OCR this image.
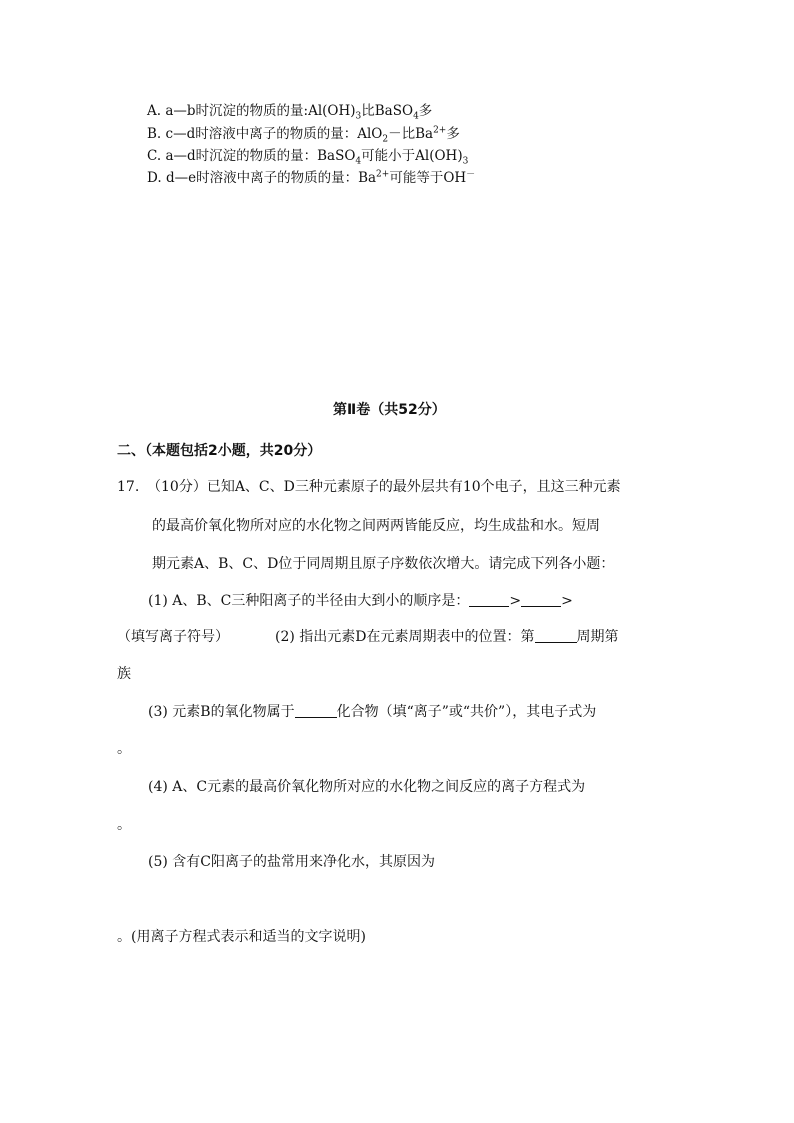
A. a—b时沉淀的物质的量$:Al(OH)_3$比BaSO$_4$多
B. c—d时溶液中离子的物质的量：AlO$_2$－比$Ba^{2+}$多
C. a—d时沉淀的物质的量：BaSO$_4$可能小于$Al(OH)_3$
D. d—e时溶液中离子的物质的量：$Ba^{2+}$可能等于OH－
第Ⅱ卷（共52分）
二、（本题包括2小题，共20分）
17. （10分）已知A、C、D三种元素原子的最外层共有10个电子，且这三种元素
的最高价氧化物所对应的水化物之间两两皆能反应，均生成盐和水。短周
期元素A、B、C、D位于同周期且原子序数依次增大。请完成下列各小题：
(1) A、B、C三种阳离子的半径由大到小的顺序是：	>	>
（填写离子符号）	(2) 指出元素D在元素周期表中的位置：第	周期第
族
(3) 元素B的氧化物属于	化合物（填“离子”或“共价”），其电子式为
。
(4) A、C元素的最高价氧化物所对应的水化物之间反应的离子方程式为
。
(5) 含有C阳离子的盐常用来净化水，其原因为
。(用离子方程式表示和适当的文字说明)
